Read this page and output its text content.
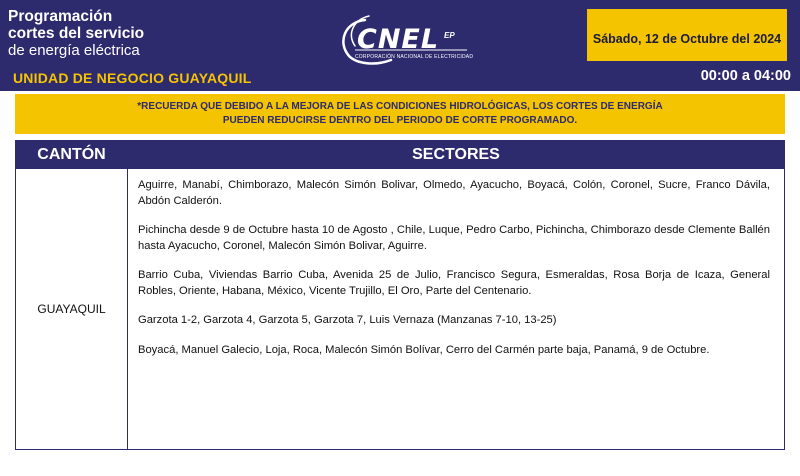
Programación
cortes del servicio
de energía eléctrica
UNIDAD DE NEGOCIO GUAYAQUIL
CNEL EP
CORPORACIÓN NACIONAL DE ELECTRICIDAD
Sábado, 12 de Octubre del 2024
00:00 a 04:00
*RECUERDA QUE DEBIDO A LA MEJORA DE LAS CONDICIONES HIDROLÓGICAS, LOS CORTES DE ENERGÍA
PUEDEN REDUCIRSE DENTRO DEL PERIODO DE CORTE PROGRAMADO.
CANTÓN	SECTORES
GUAYAQUIL

Aguirre, Manabí, Chimborazo, Malecón Simón Bolivar, Olmedo, Ayacucho, Boyacá, Colón, Coronel, Sucre, Franco Dávila, Abdón Calderón.

Pichincha desde 9 de Octubre hasta 10 de Agosto , Chile, Luque, Pedro Carbo, Pichincha, Chimborazo desde Clemente Ballén hasta Ayacucho, Coronel, Malecón Simón Bolivar, Aguirre.

Barrio Cuba, Viviendas Barrio Cuba, Avenida 25 de Julio, Francisco Segura, Esmeraldas, Rosa Borja de Icaza, General Robles, Oriente, Habana, México, Vicente Trujillo, El Oro, Parte del Centenario.

Garzota 1-2, Garzota 4, Garzota 5, Garzota 7, Luis Vernaza (Manzanas 7-10, 13-25)

Boyacá, Manuel Galecio, Loja, Roca, Malecón Simón Bolívar, Cerro del Carmén parte baja, Panamá, 9 de Octubre.
